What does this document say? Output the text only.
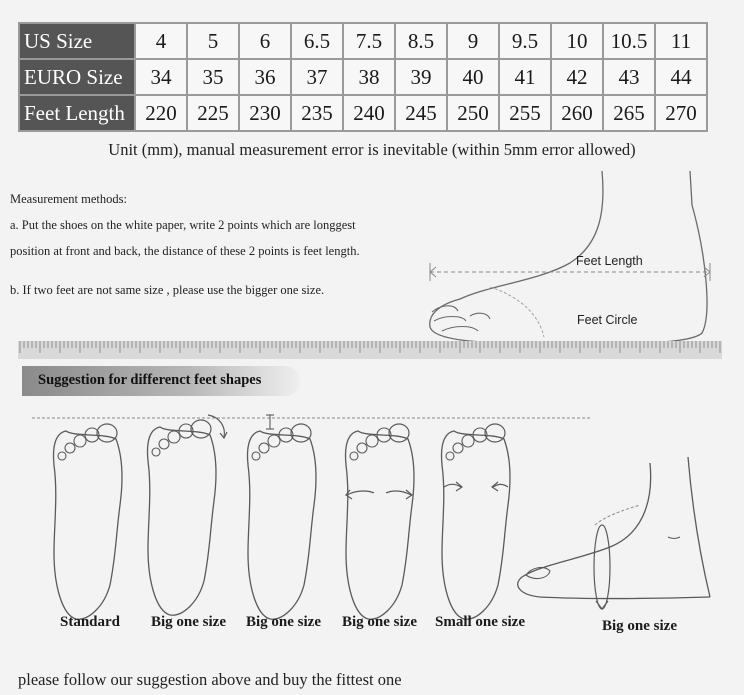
US Size	4	5	6	6.5	7.5	8.5	9	9.5	10	10.5	11
EURO Size	34	35	36	37	38	39	40	41	42	43	44
Feet Length	220	225	230	235	240	245	250	255	260	265	270
Unit (mm), manual measurement error is inevitable (within 5mm error allowed)

Measurement methods:

a. Put the shoes on the white paper, write 2 points which are longgest

position at front and back, the distance of these 2 points is feet length.

b. If two feet are not same size , please use the bigger one size.

Feet Length
Feet Circle
Suggestion for differenct feet shapes
Standard Big one size Big one size Big one size Small one size	Big one size
please follow our suggestion above and buy the fittest one
